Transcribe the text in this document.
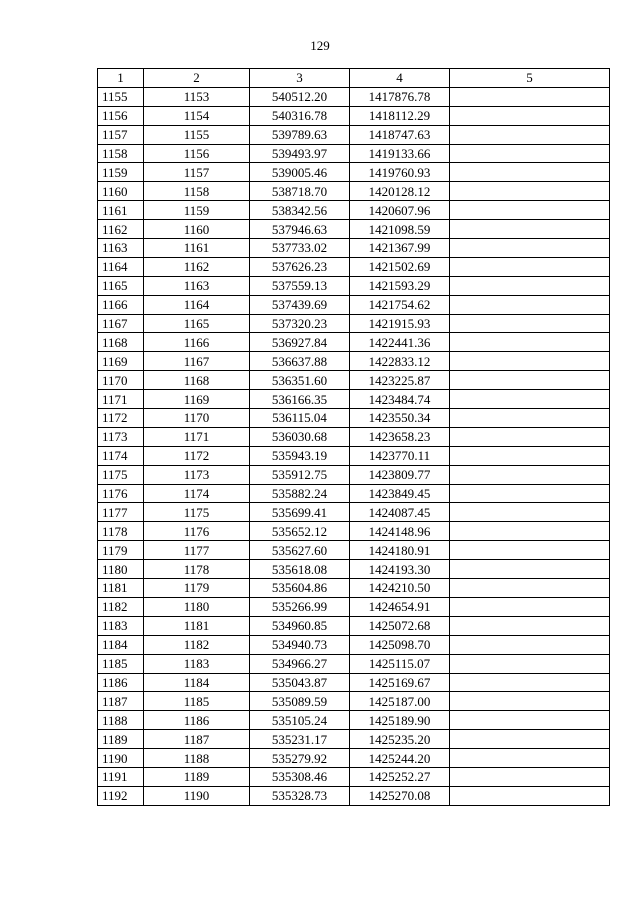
129
1	2	3	4	5
1155	1153	540512.20	1417876.78	
1156	1154	540316.78	1418112.29	
1157	1155	539789.63	1418747.63	
1158	1156	539493.97	1419133.66	
1159	1157	539005.46	1419760.93	
1160	1158	538718.70	1420128.12	
1161	1159	538342.56	1420607.96	
1162	1160	537946.63	1421098.59	
1163	1161	537733.02	1421367.99	
1164	1162	537626.23	1421502.69	
1165	1163	537559.13	1421593.29	
1166	1164	537439.69	1421754.62	
1167	1165	537320.23	1421915.93	
1168	1166	536927.84	1422441.36	
1169	1167	536637.88	1422833.12	
1170	1168	536351.60	1423225.87	
1171	1169	536166.35	1423484.74	
1172	1170	536115.04	1423550.34	
1173	1171	536030.68	1423658.23	
1174	1172	535943.19	1423770.11	
1175	1173	535912.75	1423809.77	
1176	1174	535882.24	1423849.45	
1177	1175	535699.41	1424087.45	
1178	1176	535652.12	1424148.96	
1179	1177	535627.60	1424180.91	
1180	1178	535618.08	1424193.30	
1181	1179	535604.86	1424210.50	
1182	1180	535266.99	1424654.91	
1183	1181	534960.85	1425072.68	
1184	1182	534940.73	1425098.70	
1185	1183	534966.27	1425115.07	
1186	1184	535043.87	1425169.67	
1187	1185	535089.59	1425187.00	
1188	1186	535105.24	1425189.90	
1189	1187	535231.17	1425235.20	
1190	1188	535279.92	1425244.20	
1191	1189	535308.46	1425252.27	
1192	1190	535328.73	1425270.08	
